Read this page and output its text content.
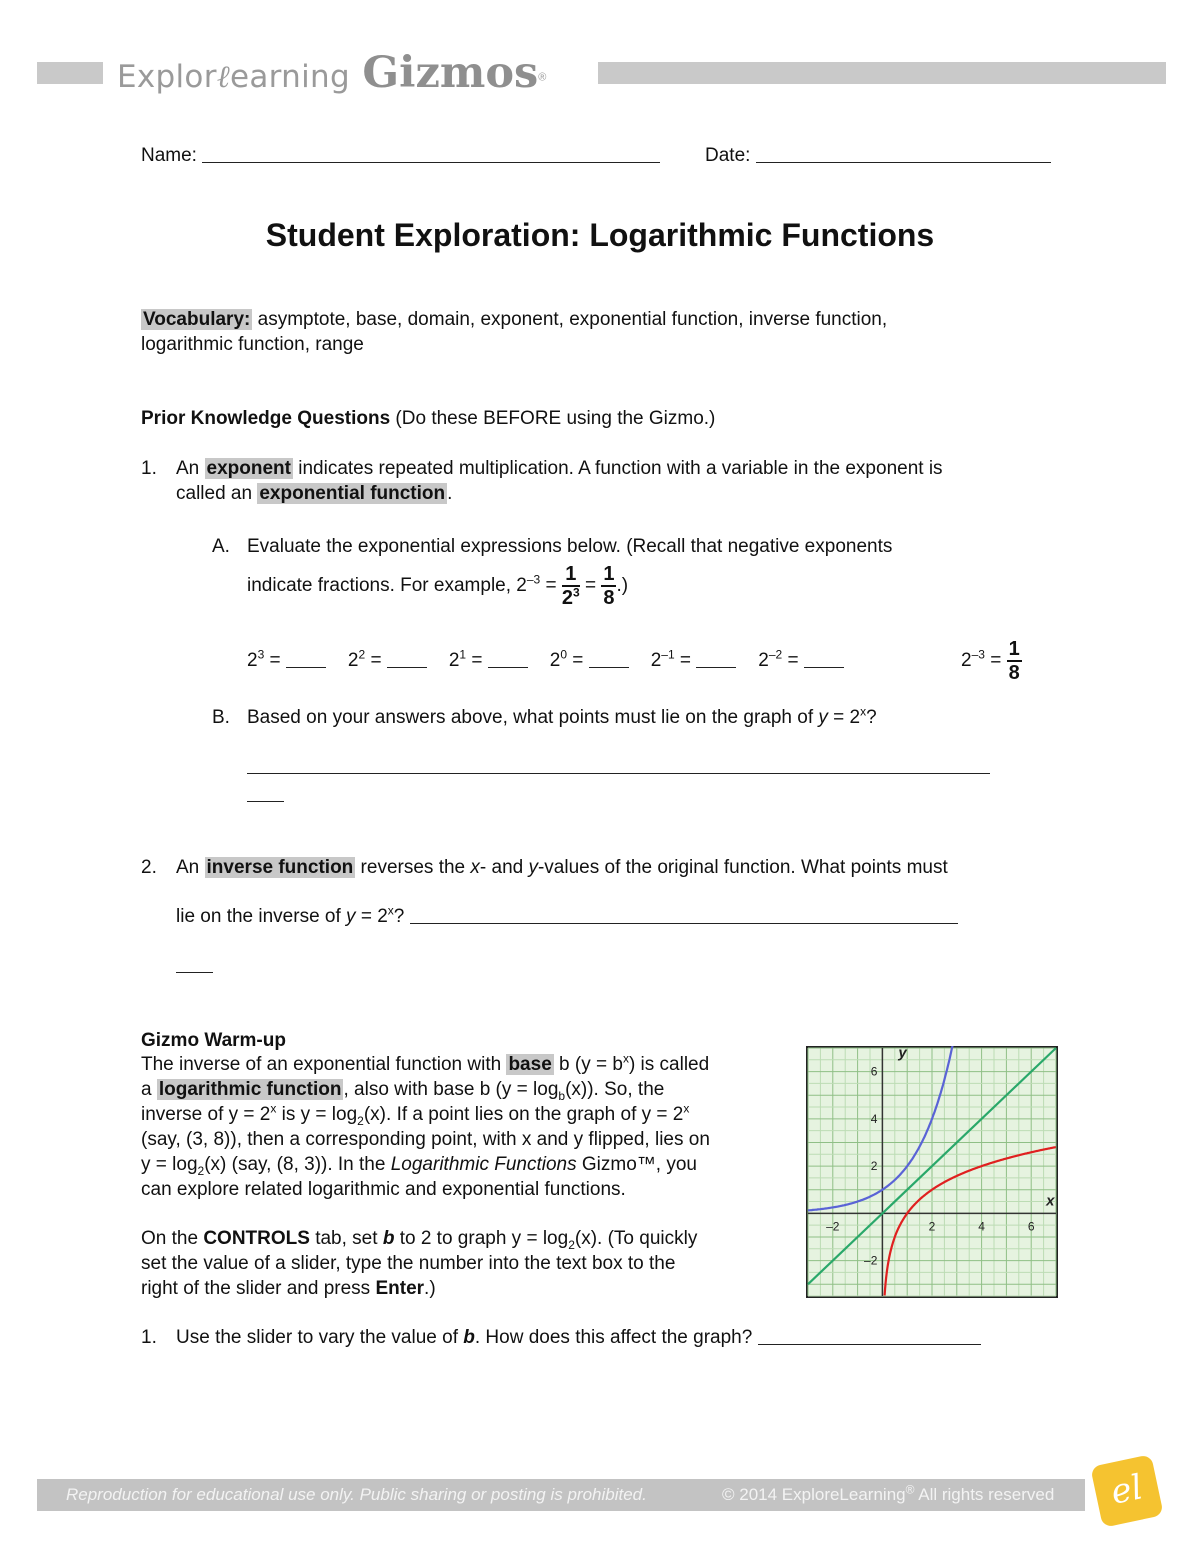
Explorℓearning Gizmos®
Name:	Date:
Student Exploration: Logarithmic Functions
Vocabulary: asymptote, base, domain, exponent, exponential function, inverse function,
logarithmic function, range
Prior Knowledge Questions (Do these BEFORE using the Gizmo.)
1. An exponent indicates repeated multiplication. A function with a variable in the exponent is
called an exponential function .
A. Evaluate the exponential expressions below. (Recall that negative exponents
indicate fractions. For example, $2^{-3} = \frac{1}{2^3} = \frac{1}{8}$ .)
$2^3$ =	$2^2$ =	$2^1$ =	$2^0$ =	$2^{-1}$ =	$2^{-2}$ =	$2^{-3} = \frac{1}{8}$
B. Based on your answers above, what points must lie on the graph of $y = 2^x$?
2. An inverse function reverses the x- and y-values of the original function. What points must
lie on the inverse of $y = 2^x$?
Gizmo Warm-up
The inverse of an exponential function with base b $(y = b^x)$ is called
a logarithmic function , also with base b $(y = \log_b(x))$. So, the
inverse of $y = 2^x$ is $y = \log_2(x)$. If a point lies on the graph of $y = 2^x$
(say, (3, 8)), then a corresponding point, with x and y flipped, lies on
$y = \log_2(x)$ (say, (8, 3)). In the Logarithmic Functions Gizmo™, you
can explore related logarithmic and exponential functions.
On the CONTROLS tab, set b to 2 to graph $y = \log_2(x)$. (To quickly
set the value of a slider, type the number into the text box to the
right of the slider and press Enter.)
–2	2	4	6
6
4
2
–2
x
y
1. Use the slider to vary the value of b. How does this affect the graph?
Reproduction for educational use only. Public sharing or posting is prohibited.	© 2014 ExploreLearning® All rights reserved	el
